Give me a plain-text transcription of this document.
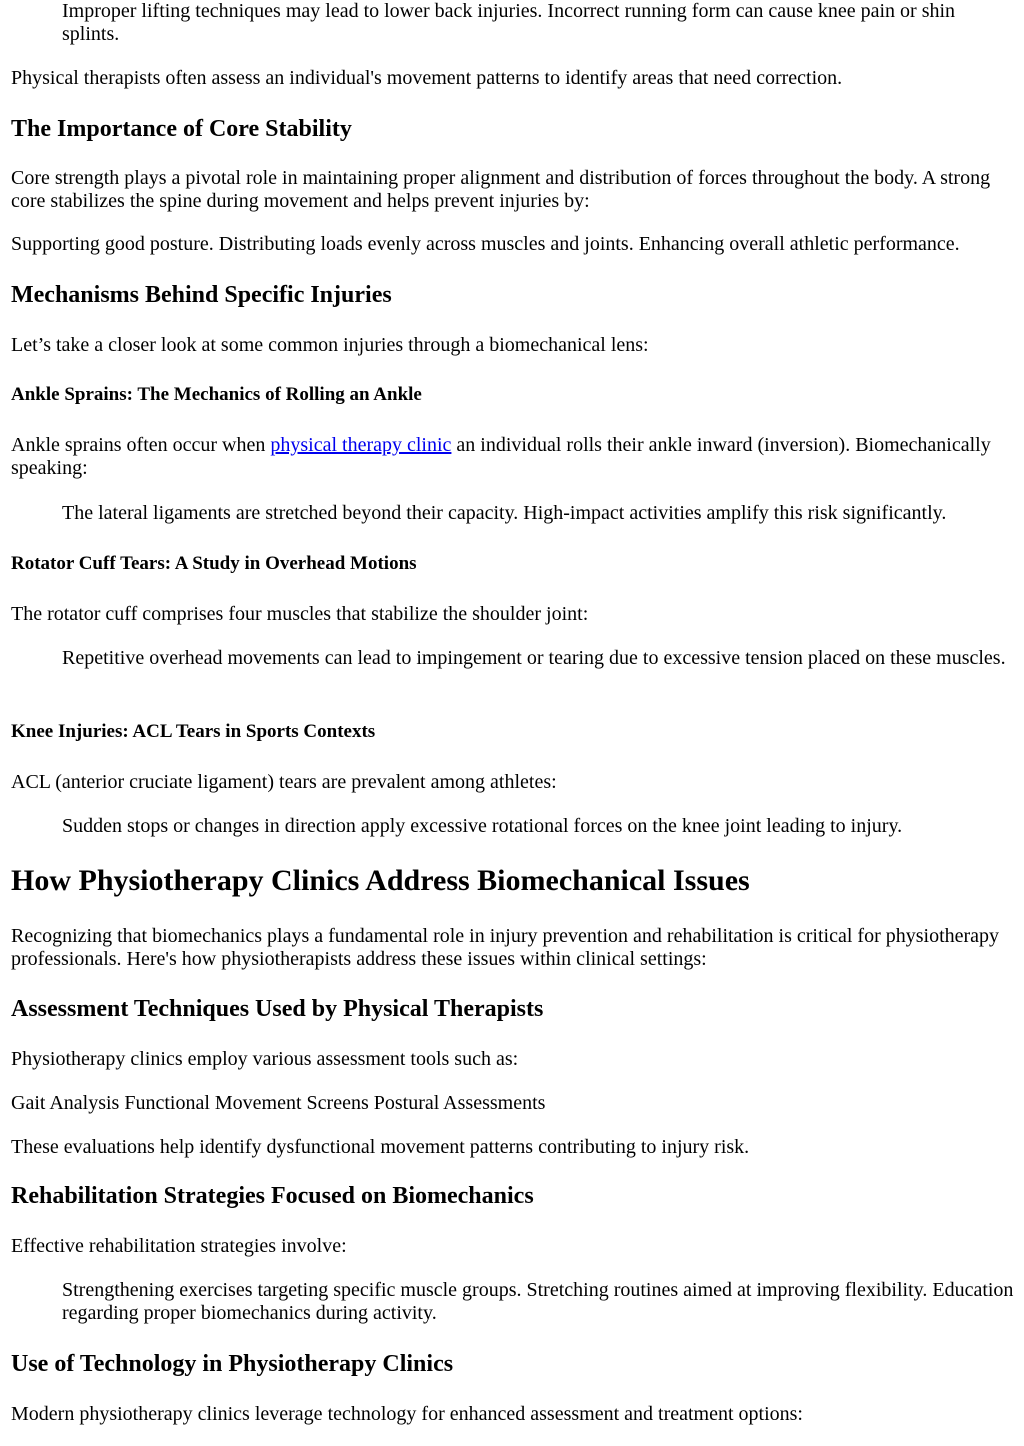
Improper lifting techniques may lead to lower back injuries. Incorrect running form can cause knee pain or shin splints.

Physical therapists often assess an individual's movement patterns to identify areas that need correction.

The Importance of Core Stability

Core strength plays a pivotal role in maintaining proper alignment and distribution of forces throughout the body. A strong core stabilizes the spine during movement and helps prevent injuries by:

Supporting good posture. Distributing loads evenly across muscles and joints. Enhancing overall athletic performance.

Mechanisms Behind Specific Injuries

Let’s take a closer look at some common injuries through a biomechanical lens:

Ankle Sprains: The Mechanics of Rolling an Ankle

Ankle sprains often occur when physical therapy clinic an individual rolls their ankle inward (inversion). Biomechanically speaking:

The lateral ligaments are stretched beyond their capacity. High-impact activities amplify this risk significantly.

Rotator Cuff Tears: A Study in Overhead Motions

The rotator cuff comprises four muscles that stabilize the shoulder joint:

Repetitive overhead movements can lead to impingement or tearing due to excessive tension placed on these muscles.

Knee Injuries: ACL Tears in Sports Contexts

ACL (anterior cruciate ligament) tears are prevalent among athletes:

Sudden stops or changes in direction apply excessive rotational forces on the knee joint leading to injury.

How Physiotherapy Clinics Address Biomechanical Issues

Recognizing that biomechanics plays a fundamental role in injury prevention and rehabilitation is critical for physiotherapy professionals. Here's how physiotherapists address these issues within clinical settings:

Assessment Techniques Used by Physical Therapists

Physiotherapy clinics employ various assessment tools such as:

Gait Analysis Functional Movement Screens Postural Assessments

These evaluations help identify dysfunctional movement patterns contributing to injury risk.

Rehabilitation Strategies Focused on Biomechanics

Effective rehabilitation strategies involve:

Strengthening exercises targeting specific muscle groups. Stretching routines aimed at improving flexibility. Education regarding proper biomechanics during activity.

Use of Technology in Physiotherapy Clinics

Modern physiotherapy clinics leverage technology for enhanced assessment and treatment options:
